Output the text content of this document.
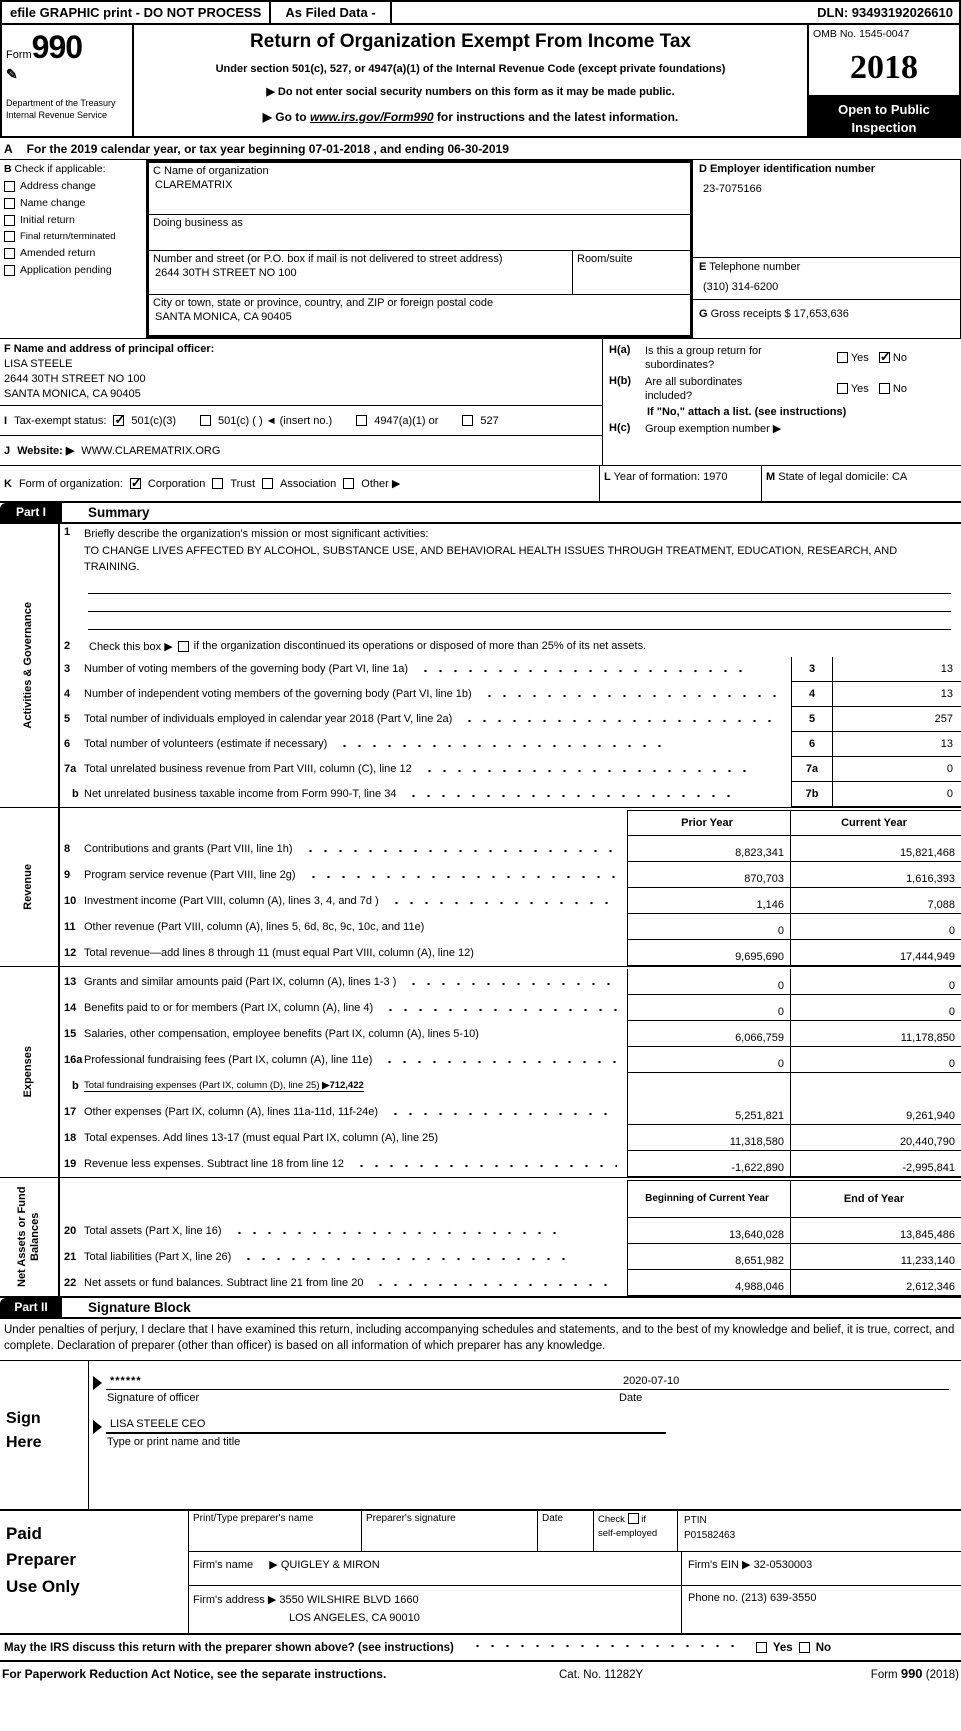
efile GRAPHIC print - DO NOT PROCESS	As Filed Data -	DLN: 93493192026610
Form990
✎
Department of the Treasury
Internal Revenue Service
Return of Organization Exempt From Income Tax
Under section 501(c), 527, or 4947(a)(1) of the Internal Revenue Code (except private foundations)
▶ Do not enter social security numbers on this form as it may be made public.
▶ Go to www.irs.gov/Form990 for instructions and the latest information.
OMB No. 1545-0047
2018
Open to Public
Inspection
A For the 2019 calendar year, or tax year beginning 07-01-2018 , and ending 06-30-2019
B Check if applicable:
Address change
Name change
Initial return
Final return/terminated
Amended return
Application pending
C Name of organization
CLAREMATRIX
Doing business as
Number and street (or P.O. box if mail is not delivered to street address)
2644 30TH STREET NO 100
Room/suite
City or town, state or province, country, and ZIP or foreign postal code
SANTA MONICA, CA 90405
D Employer identification number
23-7075166
E Telephone number
(310) 314-6200
G Gross receipts $ 17,653,636
F Name and address of principal officer:
LISA STEELE
2644 30TH STREET NO 100
SANTA MONICA, CA 90405
I Tax-exempt status: ✓ 501(c)(3)	501(c) ( ) ◄ (insert no.)	4947(a)(1) or	527
J Website: ▶ WWW.CLAREMATRIX.ORG
H(a)	Is this a group return for
subordinates?
Yes ✓	No
H(b)	Are all subordinates
included?
Yes	No
If "No," attach a list. (see instructions)
H(c)	Group exemption number ▶
K Form of organization: ✓ Corporation Trust Association Other ▶
L Year of formation: 1970	M State of legal domicile: CA
Part I	Summary
Activities & Governance
1	Briefly describe the organization's mission or most significant activities:
TO CHANGE LIVES AFFECTED BY ALCOHOL, SUBSTANCE USE, AND BEHAVIORAL HEALTH ISSUES THROUGH TREATMENT, EDUCATION, RESEARCH, AND TRAINING.
2	Check this box ▶ if the organization discontinued its operations or disposed of more than 25% of its net assets.
3	Number of voting members of the governing body (Part VI, line 1a)	3	13
4	Number of independent voting members of the governing body (Part VI, line 1b)	4	13
5	Total number of individuals employed in calendar year 2018 (Part V, line 2a)	5	257
6	Total number of volunteers (estimate if necessary)	6	13
7a Total unrelated business revenue from Part VIII, column (C), line 12	7a	0
b Net unrelated business taxable income from Form 990-T, line 34	7b	0
Revenue
Prior Year	Current Year
8	Contributions and grants (Part VIII, line 1h)	8,823,341	15,821,468
9	Program service revenue (Part VIII, line 2g)	870,703	1,616,393
10 Investment income (Part VIII, column (A), lines 3, 4, and 7d )	1,146	7,088
11 Other revenue (Part VIII, column (A), lines 5, 6d, 8c, 9c, 10c, and 11e)	0	0
12 Total revenue—add lines 8 through 11 (must equal Part VIII, column (A), line 12)	9,695,690	17,444,949
Expenses
13 Grants and similar amounts paid (Part IX, column (A), lines 1-3 )	0	0
14 Benefits paid to or for members (Part IX, column (A), line 4)	0	0
15 Salaries, other compensation, employee benefits (Part IX, column (A), lines 5-10)	6,066,759	11,178,850
16a Professional fundraising fees (Part IX, column (A), line 11e)	0	0
b Total fundraising expenses (Part IX, column (D), line 25) ▶712,422
17 Other expenses (Part IX, column (A), lines 11a-11d, 11f-24e)	5,251,821	9,261,940
18 Total expenses. Add lines 13-17 (must equal Part IX, column (A), line 25)	11,318,580	20,440,790
19 Revenue less expenses. Subtract line 18 from line 12	-1,622,890	-2,995,841
Net Assets or Fund Balances
Beginning of Current Year	End of Year
20 Total assets (Part X, line 16)	13,640,028	13,845,486
21 Total liabilities (Part X, line 26)	8,651,982	11,233,140
22 Net assets or fund balances. Subtract line 21 from line 20	4,988,046	2,612,346
Part II	Signature Block
Under penalties of perjury, I declare that I have examined this return, including accompanying schedules and statements, and to the best of my knowledge and belief, it is true, correct, and complete. Declaration of preparer (other than officer) is based on all information of which preparer has any knowledge.
Sign
Here
******	2020-07-10
Signature of officer	Date
LISA STEELE CEO
Type or print name and title
Paid
Preparer
Use Only
Print/Type preparer's name	Preparer's signature	Date	Check if
self-employed
PTIN
P01582463
Firm's name ▶ QUIGLEY & MIRON	Firm's EIN ▶ 32-0530003
Firm's address ▶ 3550 WILSHIRE BLVD 1660
LOS ANGELES, CA 90010
Phone no. (213) 639-3550
May the IRS discuss this return with the preparer shown above? (see instructions)	Yes No
For Paperwork Reduction Act Notice, see the separate instructions.	Cat. No. 11282Y	Form 990 (2018)
